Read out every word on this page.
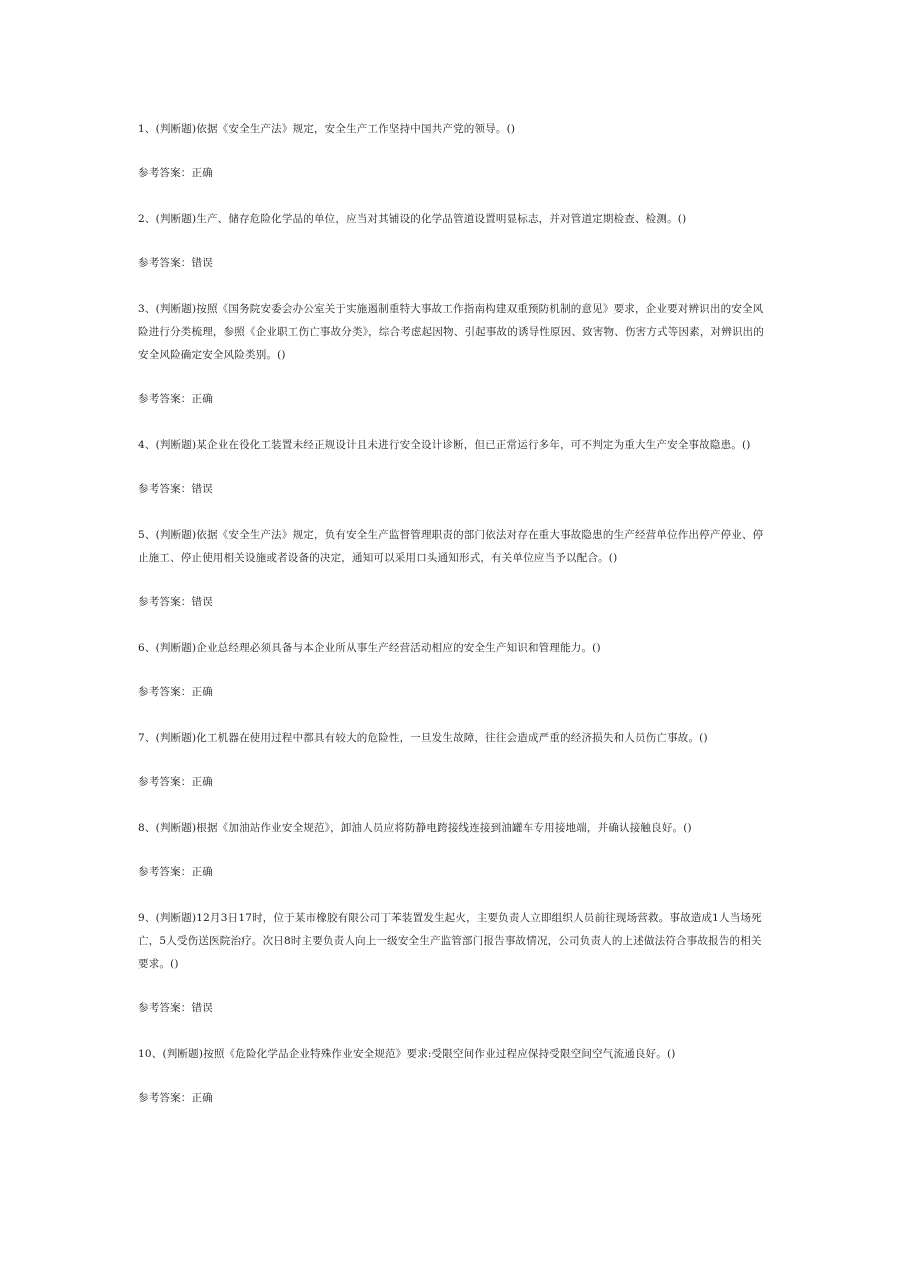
1、(判断题)依据《安全生产法》规定，安全生产工作坚持中国共产党的领导。()

参考答案：正确

2、(判断题)生产、储存危险化学品的单位，应当对其铺设的化学品管道设置明显标志，并对管道定期检查、检测。()

参考答案：错误

3、(判断题)按照《国务院安委会办公室关于实施遏制重特大事故工作指南构建双重预防机制的意见》要求，企业要对辨识出的安全风险进行分类梳理，参照《企业职工伤亡事故分类》，综合考虑起因物、引起事故的诱导性原因、致害物、伤害方式等因素，对辨识出的安全风险确定安全风险类别。()

参考答案：正确

4、(判断题)某企业在役化工装置未经正规设计且未进行安全设计诊断，但已正常运行多年，可不判定为重大生产安全事故隐患。()

参考答案：错误

5、(判断题)依据《安全生产法》规定，负有安全生产监督管理职责的部门依法对存在重大事故隐患的生产经营单位作出停产停业、停止施工、停止使用相关设施或者设备的决定，通知可以采用口头通知形式，有关单位应当予以配合。()

参考答案：错误

6、(判断题)企业总经理必须具备与本企业所从事生产经营活动相应的安全生产知识和管理能力。()

参考答案：正确

7、(判断题)化工机器在使用过程中都具有较大的危险性，一旦发生故障，往往会造成严重的经济损失和人员伤亡事故。()

参考答案：正确

8、(判断题)根据《加油站作业安全规范》，卸油人员应将防静电跨接线连接到油罐车专用接地端，并确认接触良好。()

参考答案：正确

9、(判断题)12月3日17时，位于某市橡胶有限公司丁苯装置发生起火，主要负责人立即组织人员前往现场营救。事故造成1人当场死亡，5人受伤送医院治疗。次日8时主要负责人向上一级安全生产监管部门报告事故情况，公司负责人的上述做法符合事故报告的相关要求。()

参考答案：错误

10、(判断题)按照《危险化学品企业特殊作业安全规范》要求:受限空间作业过程应保持受限空间空气流通良好。()

参考答案：正确
